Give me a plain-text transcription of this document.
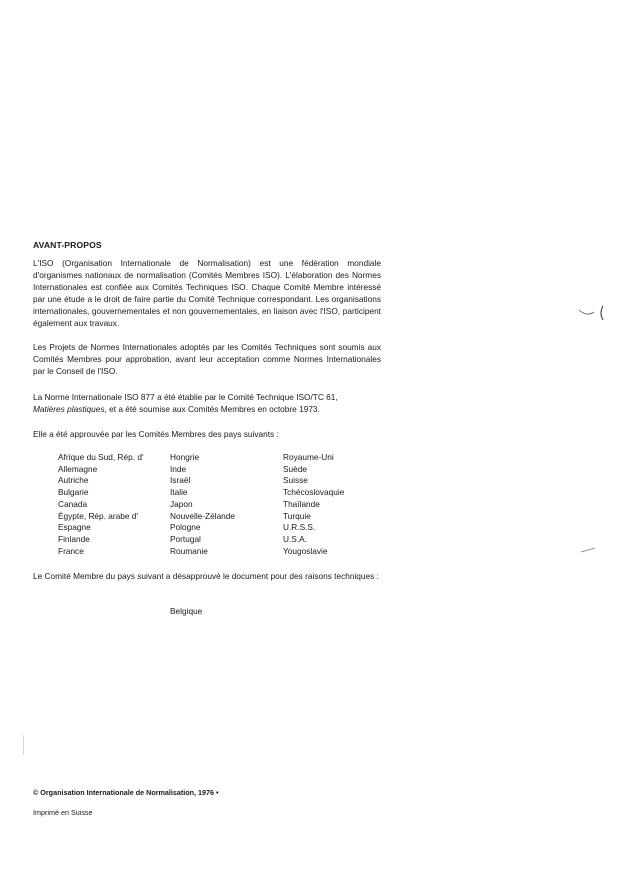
AVANT-PROPOS

L'ISO (Organisation Internationale de Normalisation) est une fédération mondiale d'organismes nationaux de normalisation (Comités Membres ISO). L'élaboration des Normes Internationales est confiée aux Comités Techniques ISO. Chaque Comité Membre intéressé par une étude a le droit de faire partie du Comité Technique correspondant. Les organisations internationales, gouvernementales et non gouvernementales, en liaison avec l'ISO, participent également aux travaux.

Les Projets de Normes Internationales adoptés par les Comités Techniques sont soumis aux Comités Membres pour approbation, avant leur acceptation comme Normes Internationales par le Conseil de l'ISO.

La Norme Internationale ISO 877 a été établie par le Comité Technique ISO/TC 61,
Matières plastiques, et a été soumise aux Comités Membres en octobre 1973.

Elle a été approuvée par les Comités Membres des pays suivants :

Afrique du Sud, Rép. d'
Allemagne
Autriche
Bulgarie
Canada
Égypte, Rép. arabe d'
Espagne
Finlande
France
Hongrie
Inde
Israël
Italie
Japon
Nouvelle-Zélande
Pologne
Portugal
Roumanie
Royaume-Uni
Suède
Suisse
Tchécoslovaquie
Thaïlande
Turquie
U.R.S.S.
U.S.A.
Yougoslavie

Le Comité Membre du pays suivant a désapprouvé le document pour des raisons techniques :

Belgique
© Organisation Internationale de Normalisation, 1976 •
Imprimé en Suisse
